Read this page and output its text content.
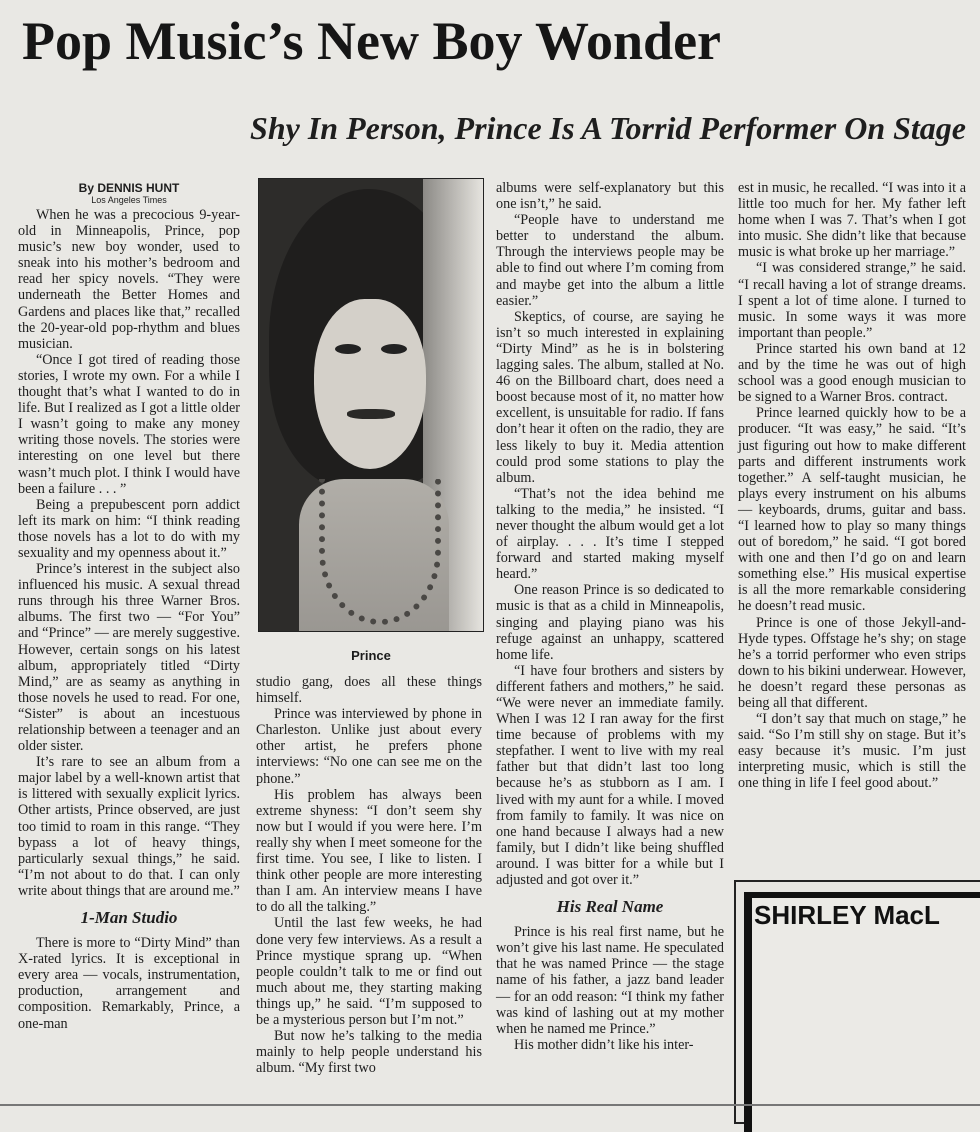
Pop Music’s New Boy Wonder
Shy In Person, Prince Is A Torrid Performer On Stage

By DENNIS HUNT

Los Angeles Times

When he was a precocious 9-year-old in Minneapolis, Prince, pop music’s new boy wonder, used to sneak into his mother’s bedroom and read her spicy novels. “They were underneath the Better Homes and Gardens and places like that,” recalled the 20-year-old pop-rhythm and blues musician.

“Once I got tired of reading those stories, I wrote my own. For a while I thought that’s what I wanted to do in life. But I realized as I got a little older I wasn’t going to make any money writing those novels. The stories were interesting on one level but there wasn’t much plot. I think I would have been a failure . . . ”

Being a prepubescent porn addict left its mark on him: “I think reading those novels has a lot to do with my sexuality and my openness about it.”

Prince’s interest in the subject also influenced his music. A sexual thread runs through his three Warner Bros. albums. The first two — “For You” and “Prince” — are merely suggestive. However, certain songs on his latest album, appropriately titled “Dirty Mind,” are as seamy as anything in those novels he used to read. For one, “Sister” is about an incestuous relationship between a teenager and an older sister.

It’s rare to see an album from a major label by a well-known artist that is littered with sexually explicit lyrics. Other artists, Prince observed, are just too timid to roam in this range. “They bypass a lot of heavy things, particularly sexual things,” he said. “I’m not about to do that. I can only write about things that are around me.”

1-Man Studio

There is more to “Dirty Mind” than X-rated lyrics. It is exceptional in every area — vocals, instrumentation, production, arrangement and composition. Remarkably, Prince, a one-man

Prince

studio gang, does all these things himself.

Prince was interviewed by phone in Charleston. Unlike just about every other artist, he prefers phone interviews: “No one can see me on the phone.”

His problem has always been extreme shyness: “I don’t seem shy now but I would if you were here. I’m really shy when I meet someone for the first time. You see, I like to listen. I think other people are more interesting than I am. An interview means I have to do all the talking.”

Until the last few weeks, he had done very few interviews. As a result a Prince mystique sprang up. “When people couldn’t talk to me or find out much about me, they starting making things up,” he said. “I’m supposed to be a mysterious person but I’m not.”

But now he’s talking to the media mainly to help people understand his album. “My first two

albums were self-explanatory but this one isn’t,” he said.

“People have to understand me better to understand the album. Through the interviews people may be able to find out where I’m coming from and maybe get into the album a little easier.”

Skeptics, of course, are saying he isn’t so much interested in explaining “Dirty Mind” as he is in bolstering lagging sales. The album, stalled at No. 46 on the Billboard chart, does need a boost because most of it, no matter how excellent, is unsuitable for radio. If fans don’t hear it often on the radio, they are less likely to buy it. Media attention could prod some stations to play the album.

“That’s not the idea behind me talking to the media,” he insisted. “I never thought the album would get a lot of airplay. . . . It’s time I stepped forward and started making myself heard.”

One reason Prince is so dedicated to music is that as a child in Minneapolis, singing and playing piano was his refuge against an unhappy, scattered home life.

“I have four brothers and sisters by different fathers and mothers,” he said. “We were never an immediate family. When I was 12 I ran away for the first time because of problems with my stepfather. I went to live with my real father but that didn’t last too long because he’s as stubborn as I am. I lived with my aunt for a while. I moved from family to family. It was nice on one hand because I always had a new family, but I didn’t like being shuffled around. I was bitter for a while but I adjusted and got over it.”

His Real Name

Prince is his real first name, but he won’t give his last name. He speculated that he was named Prince — the stage name of his father, a jazz band leader — for an odd reason: “I think my father was kind of lashing out at my mother when he named me Prince.”

His mother didn’t like his inter-

est in music, he recalled. “I was into it a little too much for her. My father left home when I was 7. That’s when I got into music. She didn’t like that because music is what broke up her marriage.”

“I was considered strange,” he said. “I recall having a lot of strange dreams. I spent a lot of time alone. I turned to music. In some ways it was more important than people.”

Prince started his own band at 12 and by the time he was out of high school was a good enough musician to be signed to a Warner Bros. contract.

Prince learned quickly how to be a producer. “It was easy,” he said. “It’s just figuring out how to make different parts and different instruments work together.” A self-taught musician, he plays every instrument on his albums — keyboards, drums, guitar and bass. “I learned how to play so many things out of boredom,” he said. “I got bored with one and then I’d go on and learn something else.” His musical expertise is all the more remarkable considering he doesn’t read music.

Prince is one of those Jekyll-and-Hyde types. Offstage he’s shy; on stage he’s a torrid performer who even strips down to his bikini underwear. However, he doesn’t regard these personas as being all that different.

“I don’t say that much on stage,” he said. “So I’m still shy on stage. But it’s easy because it’s music. I’m just interpreting music, which is still the one thing in life I feel good about.”

SHIRLEY MacL
